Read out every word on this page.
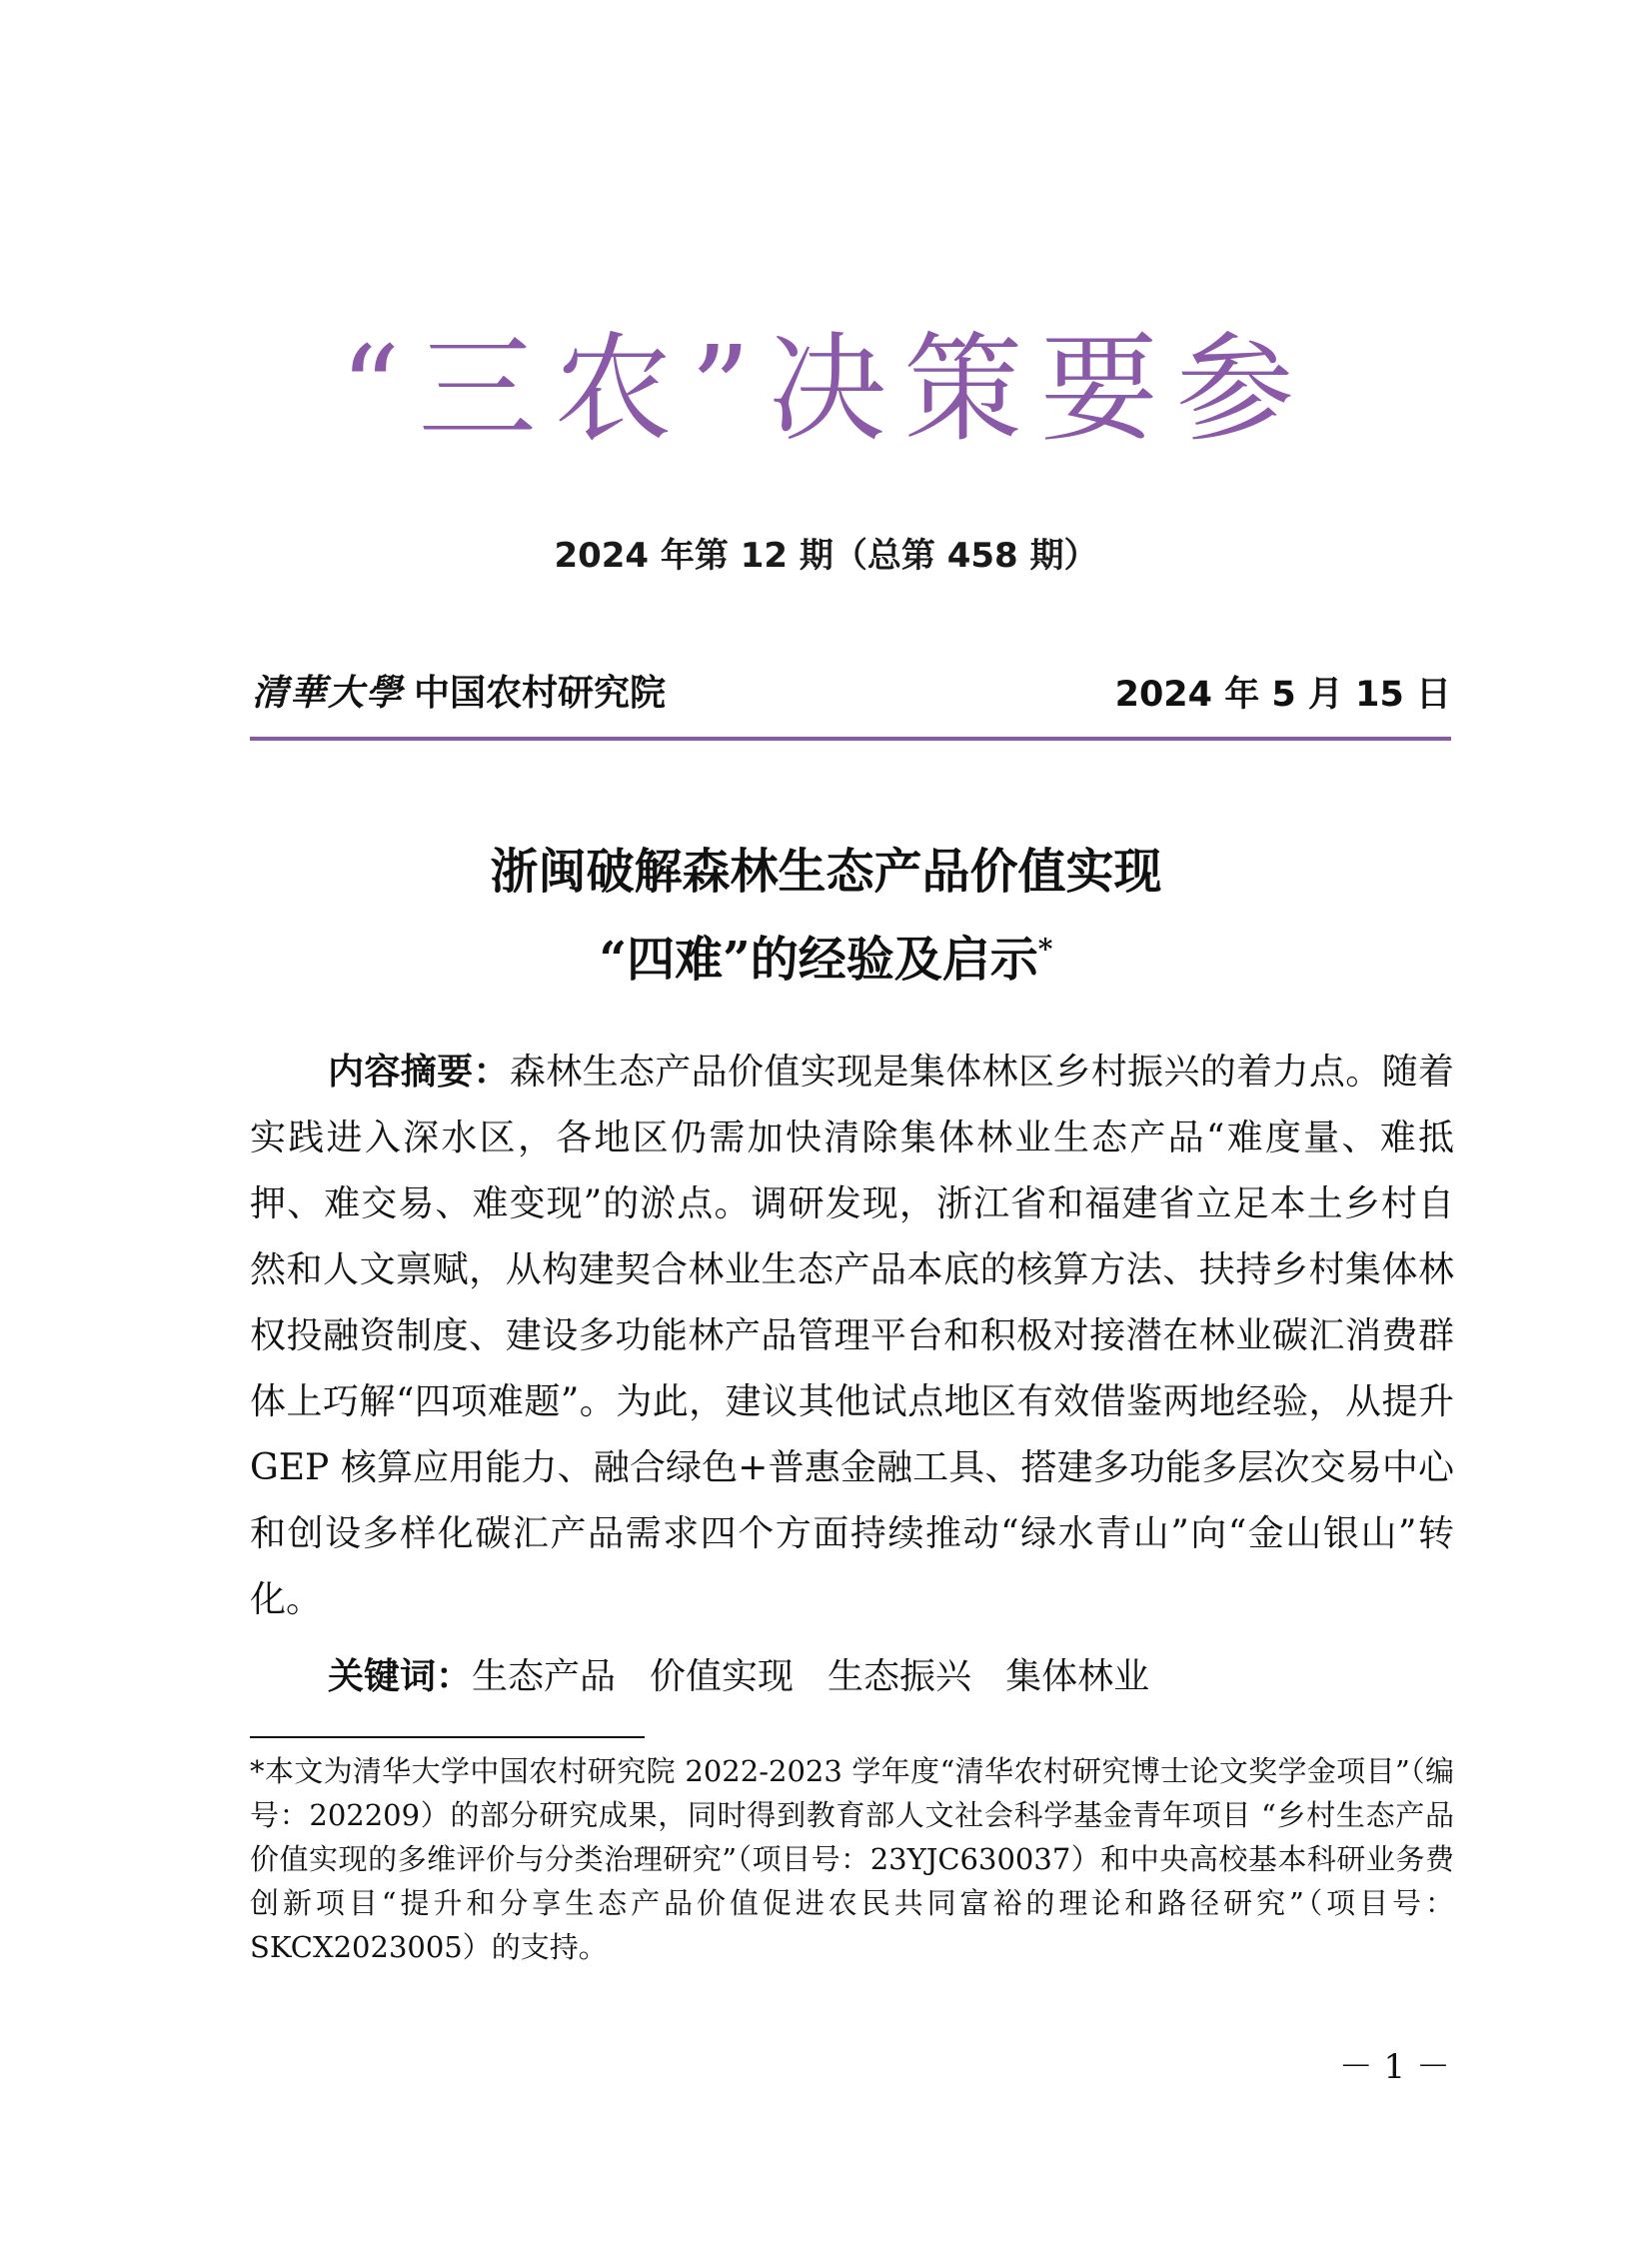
“三农”决策要参
2024 年第 12 期（总第 458 期）
清華大學 中国农村研究院	2024 年 5 月 15 日
浙闽破解森林生态产品价值实现
“四难”的经验及启示*

内容摘要：森林生态产品价值实现是集体林区乡村振兴的着力点。随着实践进入深水区，各地区仍需加快清除集体林业生态产品“难度量、难抵押、难交易、难变现”的淤点。调研发现，浙江省和福建省立足本土乡村自然和人文禀赋，从构建契合林业生态产品本底的核算方法、扶持乡村集体林权投融资制度、建设多功能林产品管理平台和积极对接潜在林业碳汇消费群体上巧解“四项难题”。为此，建议其他试点地区有效借鉴两地经验，从提升 GEP 核算应用能力、融合绿色+普惠金融工具、搭建多功能多层次交易中心和创设多样化碳汇产品需求四个方面持续推动“绿水青山”向“金山银山”转化。

关键词：生态产品 价值实现 生态振兴 集体林业

*本文为清华大学中国农村研究院 2022-2023 学年度“清华农村研究博士论文奖学金项目”（编号：202209）的部分研究成果，同时得到教育部人文社会科学基金青年项目 “乡村生态产品价值实现的多维评价与分类治理研究”（项目号：23YJC630037）和中央高校基本科研业务费创新项目“提升和分享生态产品价值促进农民共同富裕的理论和路径研究”（项目号：SKCX2023005）的支持。

－ 1 －
